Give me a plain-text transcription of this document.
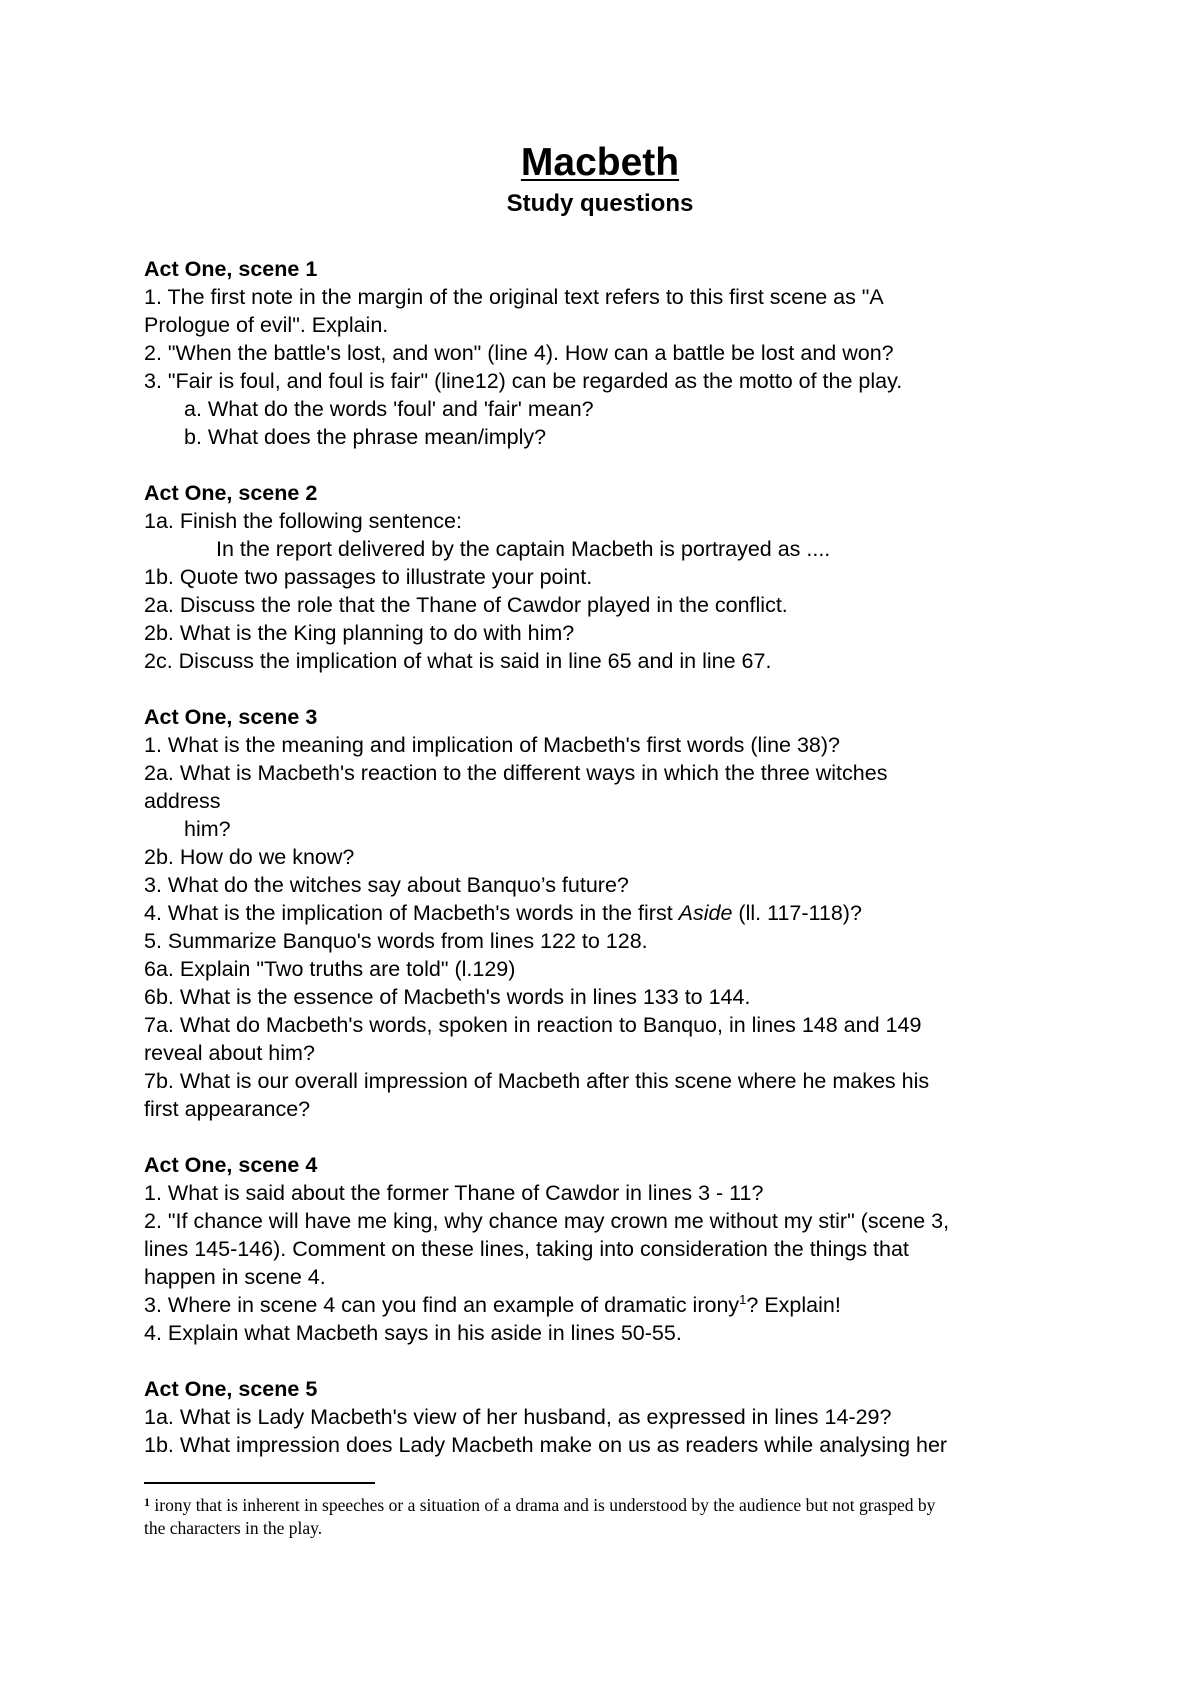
Macbeth
Study questions
Act One, scene 1
1. The first note in the margin of the original text refers to this first scene as "A
Prologue of evil". Explain.
2. "When the battle's lost, and won" (line 4). How can a battle be lost and won?
3. "Fair is foul, and foul is fair" (line12) can be regarded as the motto of the play.
a. What do the words 'foul' and 'fair' mean?
b. What does the phrase mean/imply?
Act One, scene 2
1a. Finish the following sentence:
In the report delivered by the captain Macbeth is portrayed as ....
1b. Quote two passages to illustrate your point.
2a. Discuss the role that the Thane of Cawdor played in the conflict.
2b. What is the King planning to do with him?
2c. Discuss the implication of what is said in line 65 and in line 67.
Act One, scene 3
1. What is the meaning and implication of Macbeth's first words (line 38)?
2a. What is Macbeth's reaction to the different ways in which the three witches
address
him?
2b. How do we know?
3. What do the witches say about Banquo’s future?
4. What is the implication of Macbeth's words in the first Aside (ll. 117-118)?
5. Summarize Banquo's words from lines 122 to 128.
6a. Explain "Two truths are told" (l.129)
6b. What is the essence of Macbeth's words in lines 133 to 144.
7a. What do Macbeth's words, spoken in reaction to Banquo, in lines 148 and 149
reveal about him?
7b. What is our overall impression of Macbeth after this scene where he makes his
first appearance?
Act One, scene 4
1. What is said about the former Thane of Cawdor in lines 3 - 11?
2. "If chance will have me king, why chance may crown me without my stir" (scene 3,
lines 145-146). Comment on these lines, taking into consideration the things that
happen in scene 4.
3. Where in scene 4 can you find an example of dramatic irony$^1$? Explain!
4. Explain what Macbeth says in his aside in lines 50-55.
Act One, scene 5
1a. What is Lady Macbeth's view of her husband, as expressed in lines 14-29?
1b. What impression does Lady Macbeth make on us as readers while analysing her
$^1$ irony that is inherent in speeches or a situation of a drama and is understood by the audience but not grasped by
the characters in the play.
